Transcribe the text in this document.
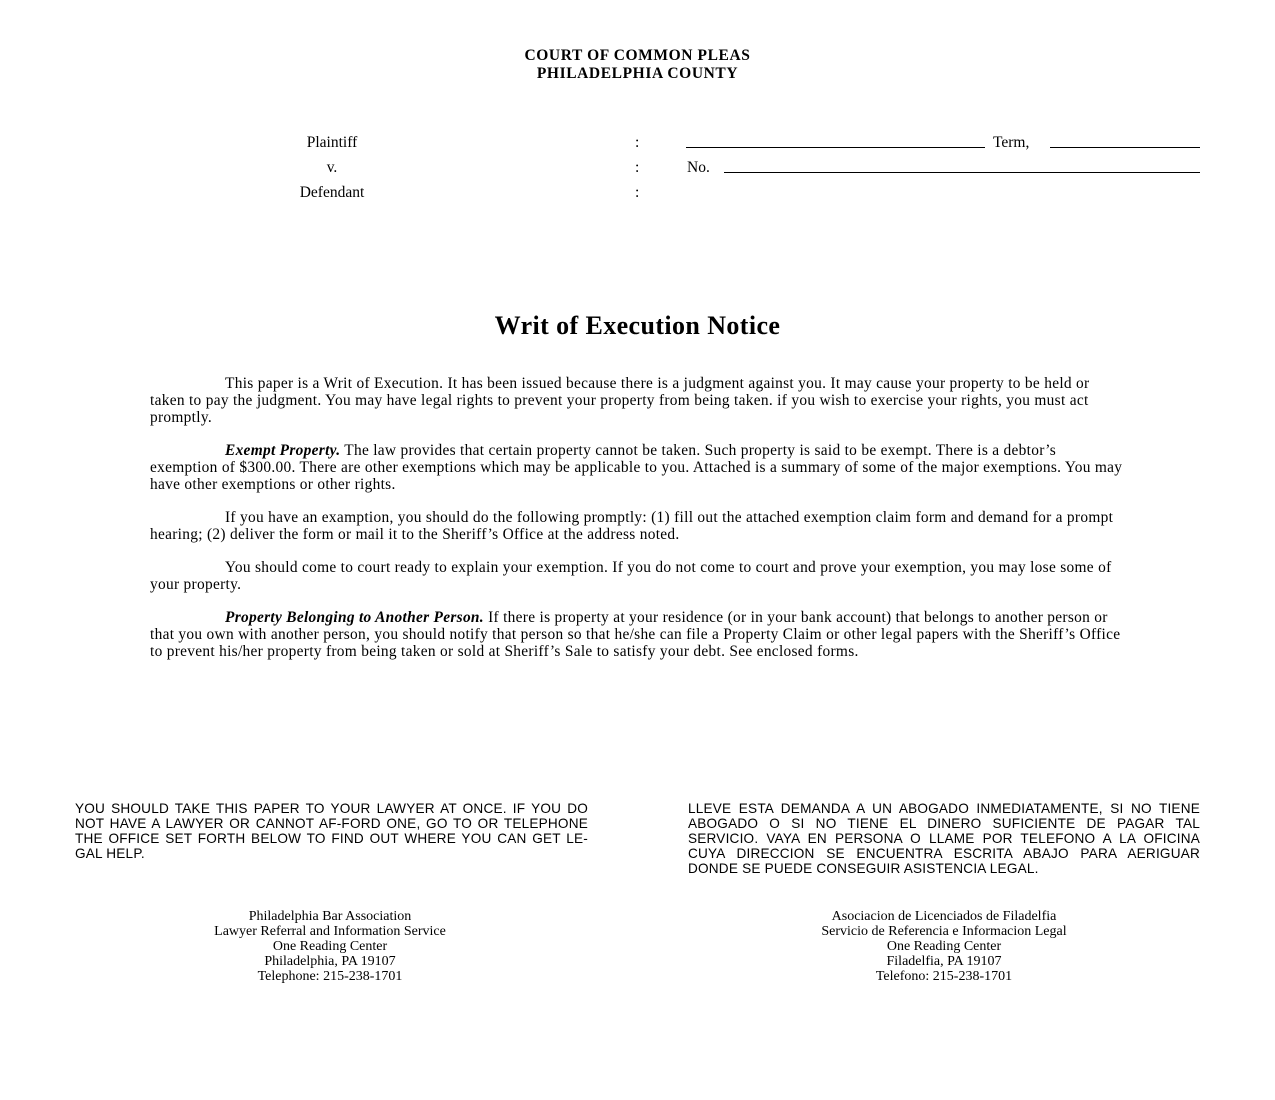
COURT OF COMMON PLEAS
PHILADELPHIA COUNTY
Plaintiff
v.
Defendant
:
:
:
Term,
No.
Writ of Execution Notice

This paper is a Writ of Execution. It has been issued because there is a judgment against you. It may cause your property to be held or taken to pay the judgment. You may have legal rights to prevent your property from being taken. if you wish to exercise your rights, you must act promptly.

Exempt Property. The law provides that certain property cannot be taken. Such property is said to be exempt. There is a debtor’s exemption of $300.00. There are other exemptions which may be applicable to you. Attached is a summary of some of the major exemptions. You may have other exemptions or other rights.

If you have an examption, you should do the following promptly: (1) fill out the attached exemption claim form and demand for a prompt hearing; (2) deliver the form or mail it to the Sheriff’s Office at the address noted.

You should come to court ready to explain your exemption. If you do not come to court and prove your exemption, you may lose some of your property.

Property Belonging to Another Person. If there is property at your residence (or in your bank account) that belongs to another person or that you own with another person, you should notify that person so that he/she can file a Property Claim or other legal papers with the Sheriff’s Office to prevent his/her property from being taken or sold at Sheriff’s Sale to satisfy your debt. See enclosed forms.

YOU SHOULD TAKE THIS PAPER TO YOUR LAWYER AT ONCE. IF YOU DO NOT HAVE A LAWYER OR CANNOT AF-FORD ONE, GO TO OR TELEPHONE THE OFFICE SET FORTH BELOW TO FIND OUT WHERE YOU CAN GET LE-GAL HELP.
LLEVE ESTA DEMANDA A UN ABOGADO INMEDIATAMENTE, SI NO TIENE ABOGADO O SI NO TIENE EL DINERO SUFICIENTE DE PAGAR TAL SERVICIO. VAYA EN PERSONA O LLAME POR TELEFONO A LA OFICINA CUYA DIRECCION SE ENCUENTRA ESCRITA ABAJO PARA AERIGUAR DONDE SE PUEDE CONSEGUIR ASISTENCIA LEGAL.
Philadelphia Bar Association
Lawyer Referral and Information Service
One Reading Center
Philadelphia, PA 19107
Telephone: 215-238-1701
Asociacion de Licenciados de Filadelfia
Servicio de Referencia e Informacion Legal
One Reading Center
Filadelfia, PA 19107
Telefono: 215-238-1701
